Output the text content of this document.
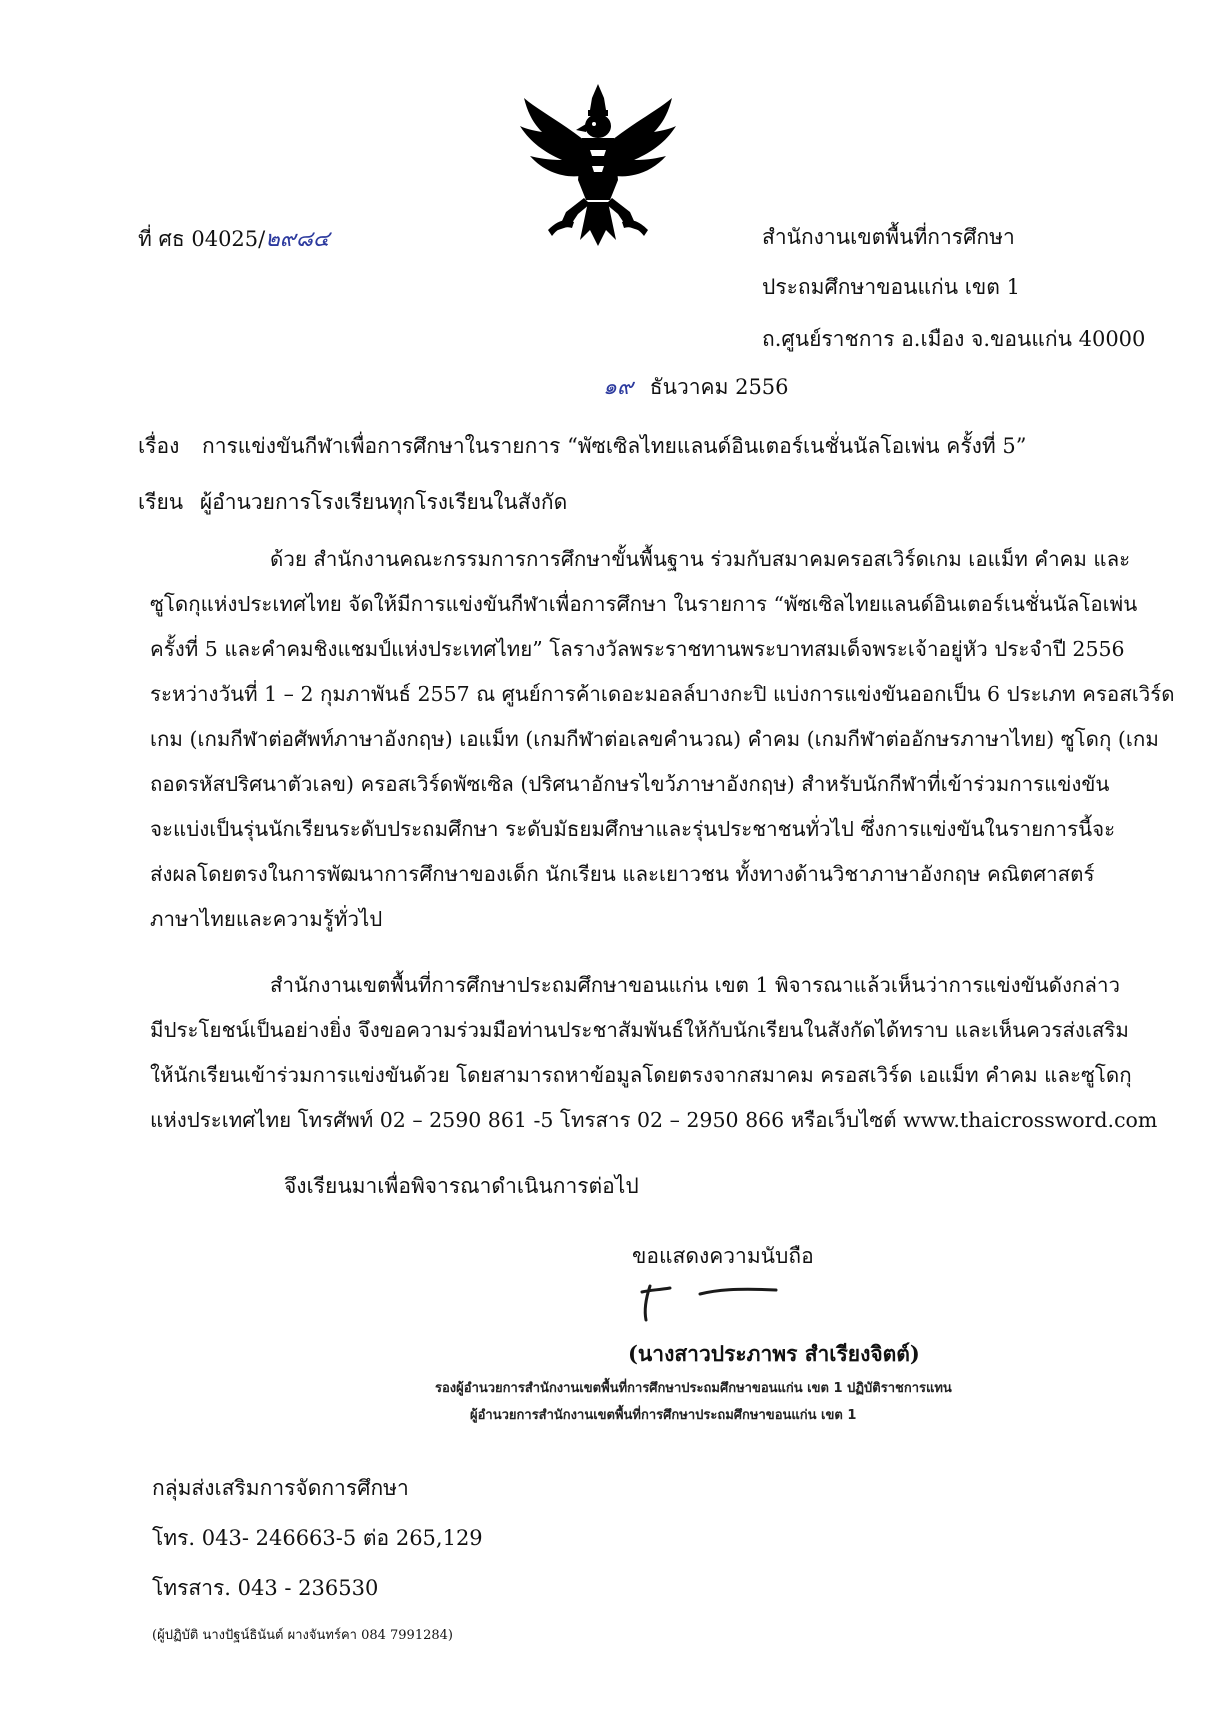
ที่ ศธ 04025/๒๙๘๔	สำนักงานเขตพื้นที่การศึกษา
ประถมศึกษาขอนแก่น เขต 1
ถ.ศูนย์ราชการ อ.เมือง จ.ขอนแก่น 40000
๑๙ ธันวาคม 2556
เรื่อง การแข่งขันกีฬาเพื่อการศึกษาในรายการ “พัซเซิลไทยแลนด์อินเตอร์เนชั่นนัลโอเพ่น ครั้งที่ 5”
เรียน ผู้อำนวยการโรงเรียนทุกโรงเรียนในสังกัด
ด้วย สำนักงานคณะกรรมการการศึกษาขั้นพื้นฐาน ร่วมกับสมาคมครอสเวิร์ดเกม เอแม็ท คำคม และ
ซูโดกุแห่งประเทศไทย จัดให้มีการแข่งขันกีฬาเพื่อการศึกษา ในรายการ “พัซเซิลไทยแลนด์อินเตอร์เนชั่นนัลโอเพ่น
ครั้งที่ 5 และคำคมชิงแชมป์แห่งประเทศไทย” โลรางวัลพระราชทานพระบาทสมเด็จพระเจ้าอยู่หัว ประจำปี 2556
ระหว่างวันที่ 1 – 2 กุมภาพันธ์ 2557 ณ ศูนย์การค้าเดอะมอลล์บางกะปิ แบ่งการแข่งขันออกเป็น 6 ประเภท ครอสเวิร์ด
เกม (เกมกีฬาต่อศัพท์ภาษาอังกฤษ) เอแม็ท (เกมกีฬาต่อเลขคำนวณ) คำคม (เกมกีฬาต่ออักษรภาษาไทย) ซูโดกุ (เกม
ถอดรหัสปริศนาตัวเลข) ครอสเวิร์ดพัซเซิล (ปริศนาอักษรไขว้ภาษาอังกฤษ) สำหรับนักกีฬาที่เข้าร่วมการแข่งขัน
จะแบ่งเป็นรุ่นนักเรียนระดับประถมศึกษา ระดับมัธยมศึกษาและรุ่นประชาชนทั่วไป ซึ่งการแข่งขันในรายการนี้จะ
ส่งผลโดยตรงในการพัฒนาการศึกษาของเด็ก นักเรียน และเยาวชน ทั้งทางด้านวิชาภาษาอังกฤษ คณิตศาสตร์
ภาษาไทยและความรู้ทั่วไป
สำนักงานเขตพื้นที่การศึกษาประถมศึกษาขอนแก่น เขต 1 พิจารณาแล้วเห็นว่าการแข่งขันดังกล่าว
มีประโยชน์เป็นอย่างยิ่ง จึงขอความร่วมมือท่านประชาสัมพันธ์ให้กับนักเรียนในสังกัดได้ทราบ และเห็นควรส่งเสริม
ให้นักเรียนเข้าร่วมการแข่งขันด้วย โดยสามารถหาข้อมูลโดยตรงจากสมาคม ครอสเวิร์ด เอแม็ท คำคม และซูโดกุ
แห่งประเทศไทย โทรศัพท์ 02 – 2590 861 -5 โทรสาร 02 – 2950 866 หรือเว็บไซต์ www.thaicrossword.com
จึงเรียนมาเพื่อพิจารณาดำเนินการต่อไป
ขอแสดงความนับถือ
(นางสาวประภาพร สำเรียงจิตต์)
รองผู้อำนวยการสำนักงานเขตพื้นที่การศึกษาประถมศึกษาขอนแก่น เขต 1 ปฏิบัติราชการแทน
ผู้อำนวยการสำนักงานเขตพื้นที่การศึกษาประถมศึกษาขอนแก่น เขต 1
กลุ่มส่งเสริมการจัดการศึกษา
โทร. 043- 246663-5 ต่อ 265,129
โทรสาร. 043 - 236530
(ผู้ปฏิบัติ นางปัฐน์ธินันต์ ผางจันทร์คา 084 7991284)
